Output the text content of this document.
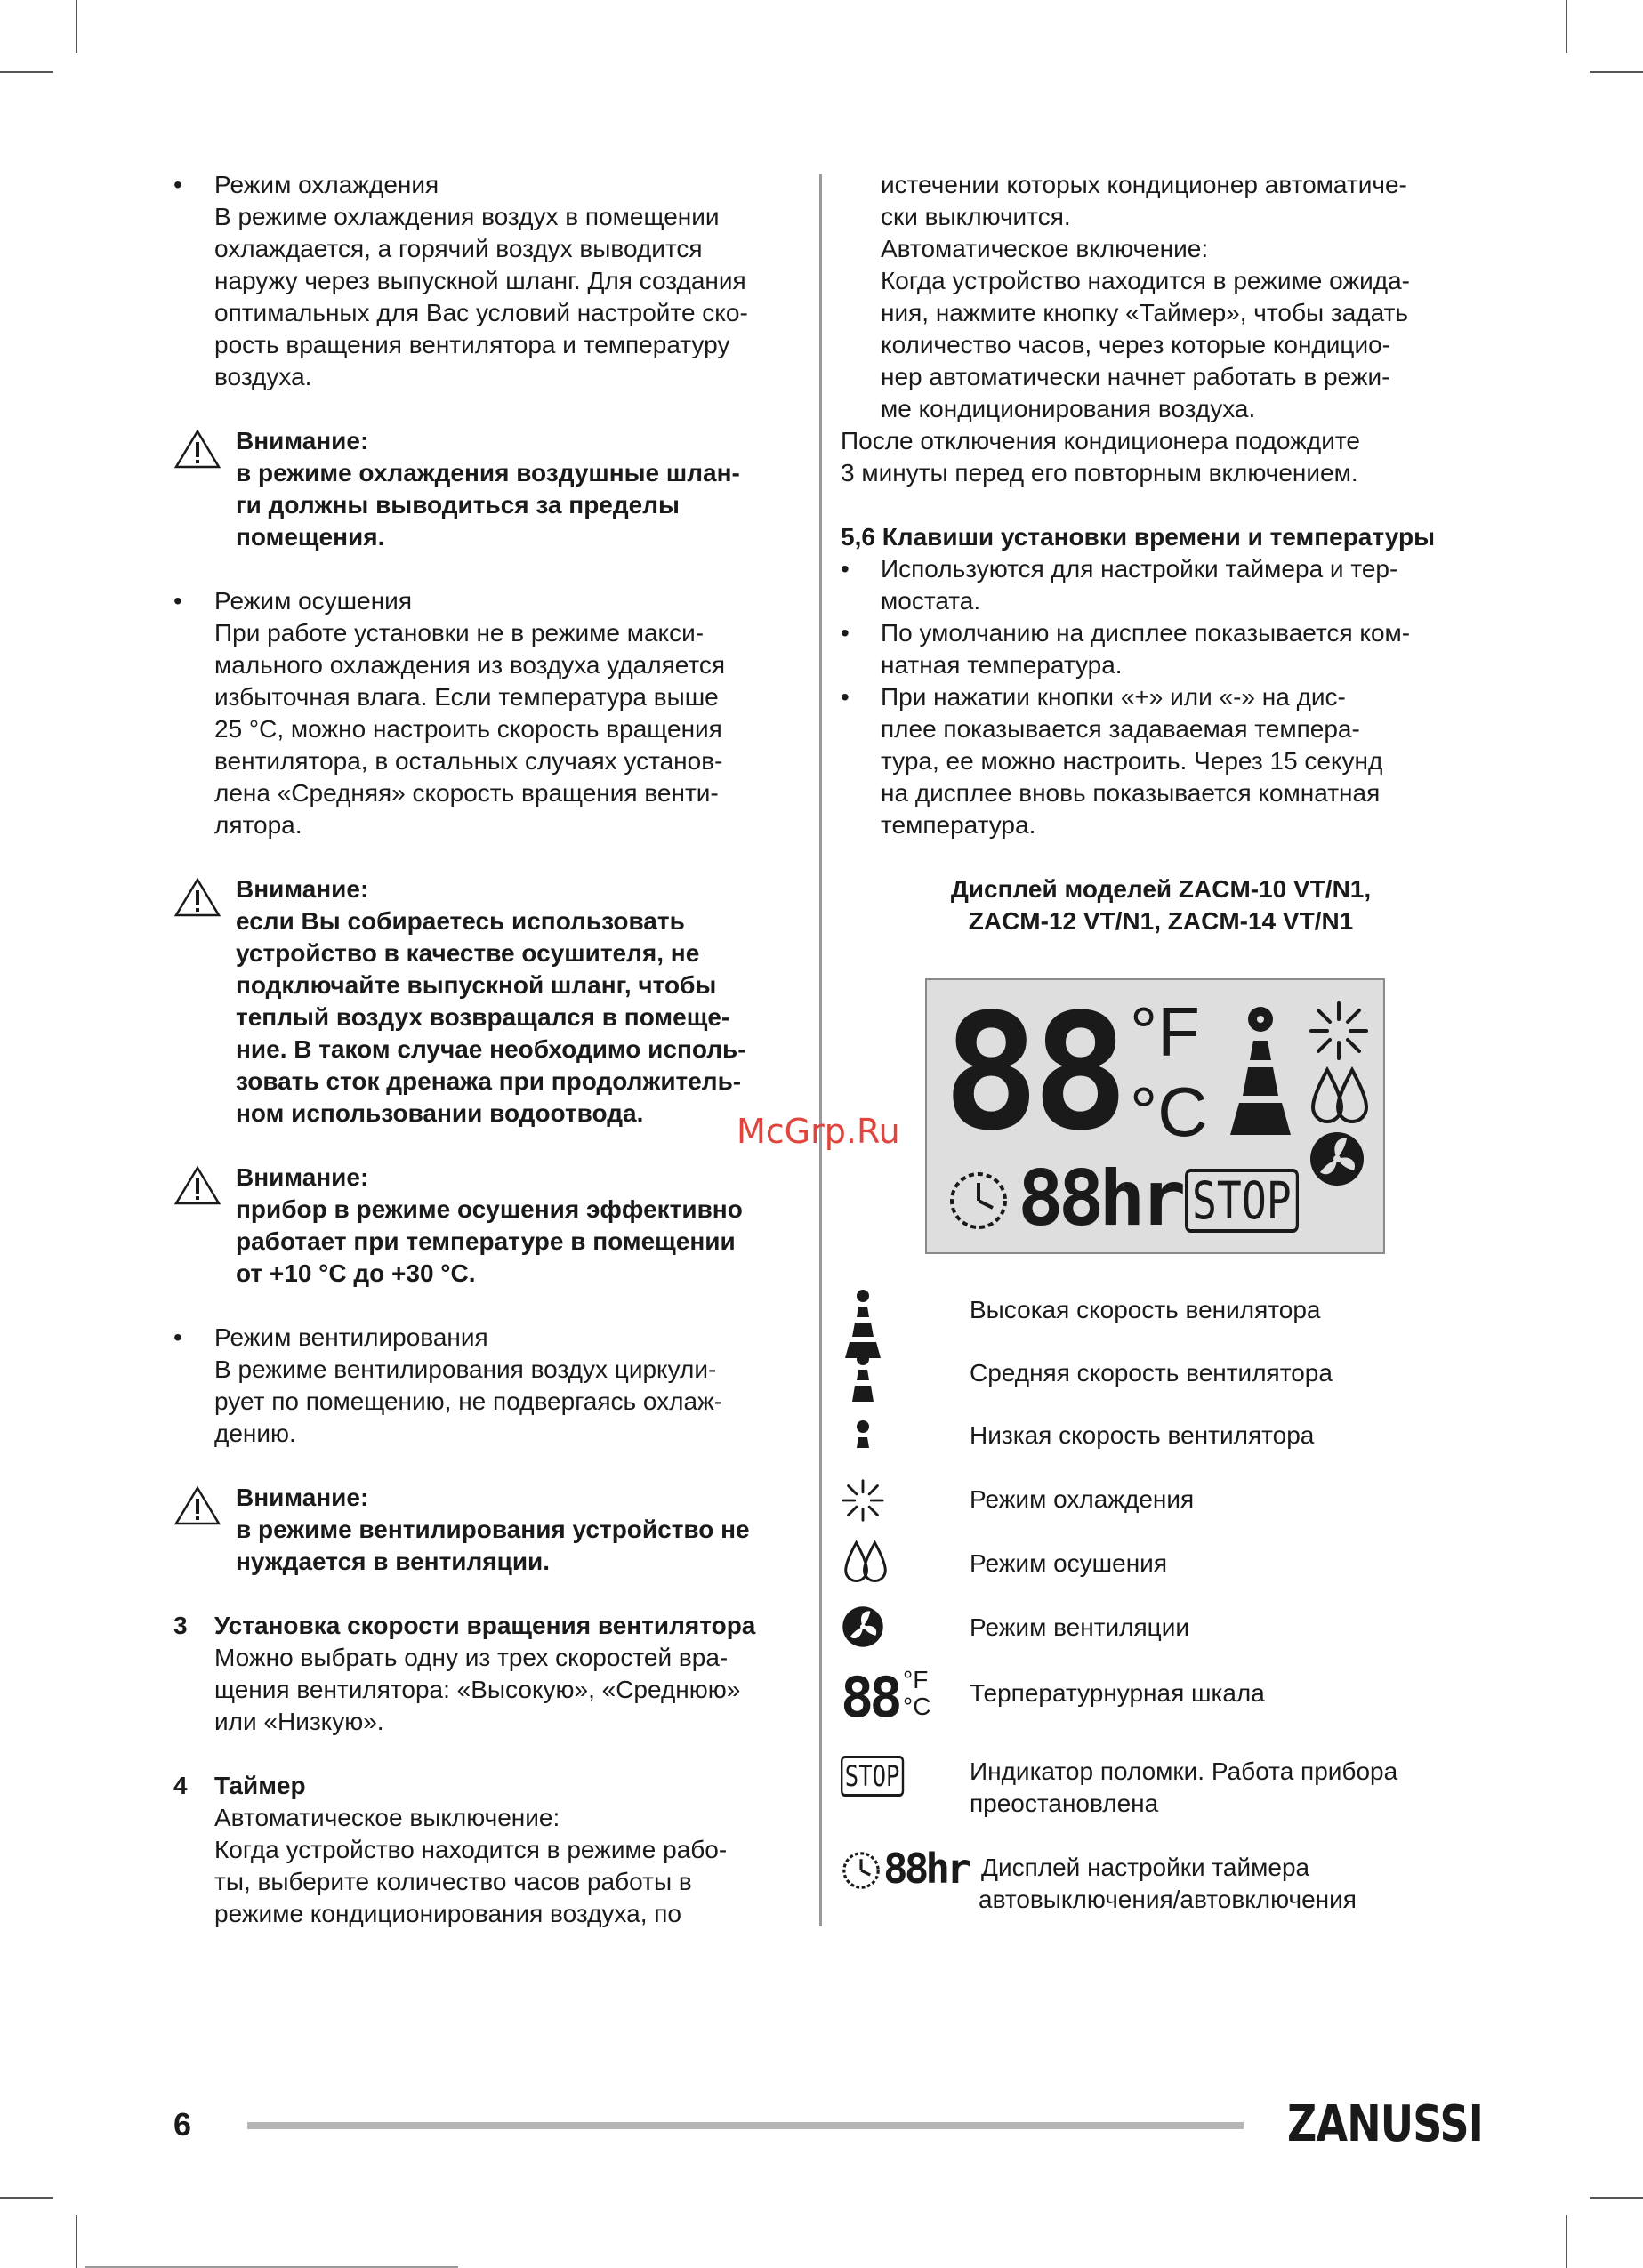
• Режим охлаждения

В режиме охлаждения воздух в помещении

охлаждается, а горячий воздух выводится

наружу через выпускной шланг. Для создания

оптимальных для Вас условий настройте ско-

рость вращения вентилятора и температуру

воздуха.

Внимание:

в режиме охлаждения воздушные шлан-

ги должны выводиться за пределы

помещения.

• Режим осушения

При работе установки не в режиме макси-

мального охлаждения из воздуха удаляется

избыточная влага. Если температура выше

25 °С, можно настроить скорость вращения

вентилятора, в остальных случаях установ-

лена «Средняя» скорость вращения венти-

лятора.

Внимание:

если Вы собираетесь использовать

устройство в качестве осушителя, не

подключайте выпускной шланг, чтобы

теплый воздух возвращался в помеще-

ние. В таком случае необходимо исполь-

зовать сток дренажа при продолжитель-

ном использовании водоотвода.

Внимание:

прибор в режиме осушения эффективно

работает при температуре в помещении

от +10 °С до +30 °С.

• Режим вентилирования

В режиме вентилирования воздух циркули-

рует по помещению, не подвергаясь охлаж-

дению.

Внимание:

в режиме вентилирования устройство не

нуждается в вентиляции.

3 Установка скорости вращения вентилятора

Можно выбрать одну из трех скоростей вра-

щения вентилятора: «Высокую», «Среднюю»

или «Низкую».

4 Таймер

Автоматическое выключение:

Когда устройство находится в режиме рабо-

ты, выберите количество часов работы в

режиме кондиционирования воздуха, по

истечении которых кондиционер автоматиче-

ски выключится.

Автоматическое включение:

Когда устройство находится в режиме ожида-

ния, нажмите кнопку «Таймер», чтобы задать

количество часов, через которые кондицио-

нер автоматически начнет работать в режи-

ме кондиционирования воздуха.

После отключения кондиционера подождите

3 минуты перед его повторным включением.

5,6 Клавиши установки времени и температуры

• Используются для настройки таймера и тер-

мостата.

• По умолчанию на дисплее показывается ком-

натная температура.

• При нажатии кнопки «+» или «-» на дис-

плее показывается задаваемая темпера-

тура, ее можно настроить. Через 15 секунд

на дисплее вновь показывается комнатная

температура.

Дисплей моделей ZACM-10 VT/N1,

ZACM-12 VT/N1, ZACM-14 VT/N1

88 °F
°C
88hr STOP
McGrp.Ru
Высокая скорость венилятора
Средняя скорость вентилятора
Низкая скорость вентилятора
Режим охлаждения
Режим осушения
Режим вентиляции
88 °F
°C Терпературнурная шкала
STOP	Индикатор поломки. Работа прибора

преостановлена

88hr Дисплей настройки таймера

автовыключения/автовключения

6	ZANUSSI
